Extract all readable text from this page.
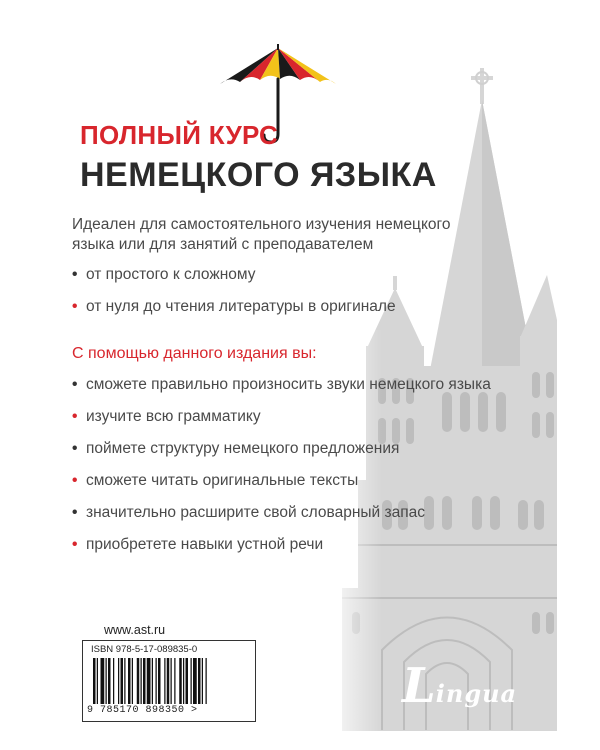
ПОЛНЫЙ КУРС
НЕМЕЦКОГО ЯЗЫКА

Идеален для самостоятельного изучения немецкого языка или для занятий с преподавателем

• от простого к сложному
• от нуля до чтения литературы в оригинале

С помощью данного издания вы:

• сможете правильно произносить звуки немецкого языка
• изучите всю грамматику
• поймете структуру немецкого предложения
• сможете читать оригинальные тексты
• значительно расширите свой словарный запас
• приобретете навыки устной речи
www.ast.ru
ISBN 978-5-17-089835-0
9 785170 898350 >	Lingua
